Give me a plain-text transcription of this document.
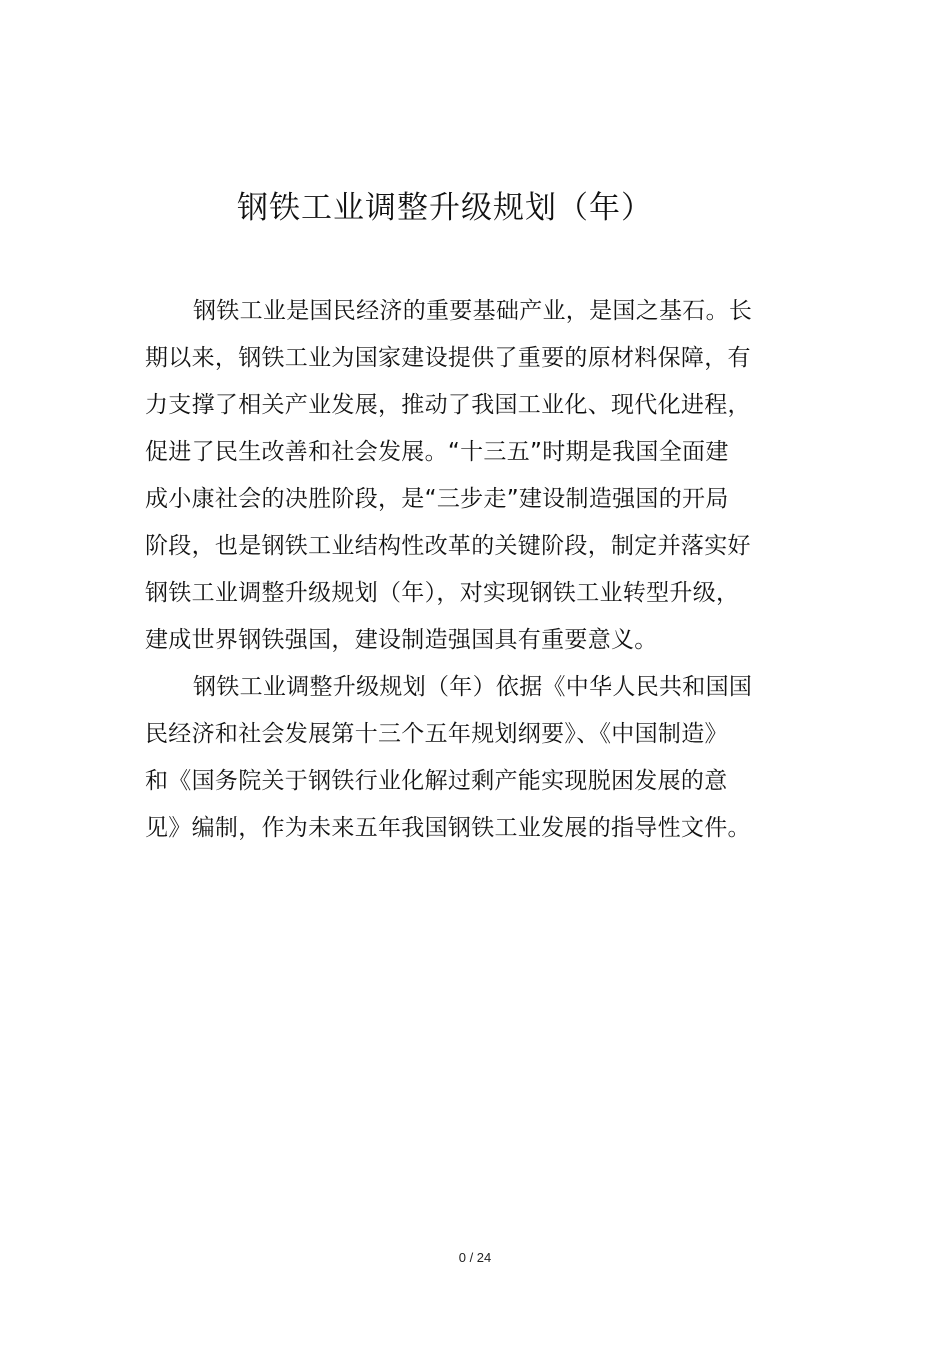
钢铁工业调整升级规划（年）
钢铁工业是国民经济的重要基础产业，是国之基石。长
期以来，钢铁工业为国家建设提供了重要的原材料保障，有
力支撑了相关产业发展，推动了我国工业化、现代化进程，
促进了民生改善和社会发展。“十三五”时期是我国全面建
成小康社会的决胜阶段，是“三步走”建设制造强国的开局
阶段，也是钢铁工业结构性改革的关键阶段，制定并落实好
钢铁工业调整升级规划（年），对实现钢铁工业转型升级，
建成世界钢铁强国，建设制造强国具有重要意义。
钢铁工业调整升级规划（年）依据《中华人民共和国国
民经济和社会发展第十三个五年规划纲要》、《中国制造》
和《国务院关于钢铁行业化解过剩产能实现脱困发展的意
见》编制，作为未来五年我国钢铁工业发展的指导性文件。
0 / 24
